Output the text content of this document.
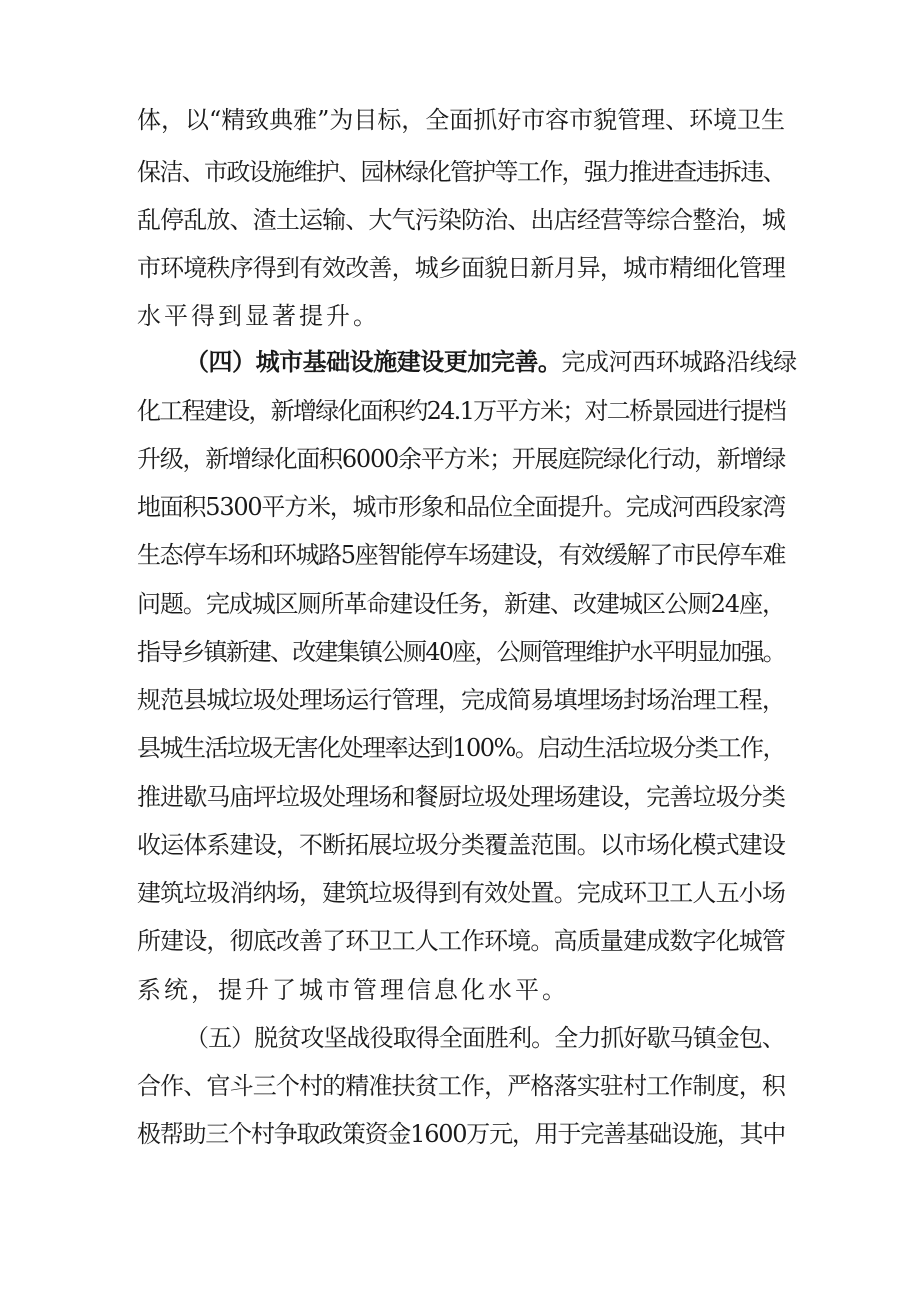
体，以“精致典雅”为目标，全面抓好市容市貌管理、环境卫生
保洁、市政设施维护、园林绿化管护等工作，强力推进查违拆违、
乱停乱放、渣土运输、大气污染防治、出店经营等综合整治，城
市环境秩序得到有效改善，城乡面貌日新月异，城市精细化管理
水平得到显著提升。
（四）城市基础设施建设更加完善。完成河西环城路沿线绿
化工程建设，新增绿化面积约24.1万平方米；对二桥景园进行提档
升级，新增绿化面积6000余平方米；开展庭院绿化行动，新增绿
地面积5300平方米，城市形象和品位全面提升。完成河西段家湾
生态停车场和环城路5座智能停车场建设，有效缓解了市民停车难
问题。完成城区厕所革命建设任务，新建、改建城区公厕24座，
指导乡镇新建、改建集镇公厕40座，公厕管理维护水平明显加强。
规范县城垃圾处理场运行管理，完成简易填埋场封场治理工程，
县城生活垃圾无害化处理率达到100%。启动生活垃圾分类工作，
推进歇马庙坪垃圾处理场和餐厨垃圾处理场建设，完善垃圾分类
收运体系建设，不断拓展垃圾分类覆盖范围。以市场化模式建设
建筑垃圾消纳场，建筑垃圾得到有效处置。完成环卫工人五小场
所建设，彻底改善了环卫工人工作环境。高质量建成数字化城管
系统，提升了城市管理信息化水平。
（五）脱贫攻坚战役取得全面胜利。全力抓好歇马镇金包、
合作、官斗三个村的精准扶贫工作，严格落实驻村工作制度，积
极帮助三个村争取政策资金1600万元，用于完善基础设施，其中
